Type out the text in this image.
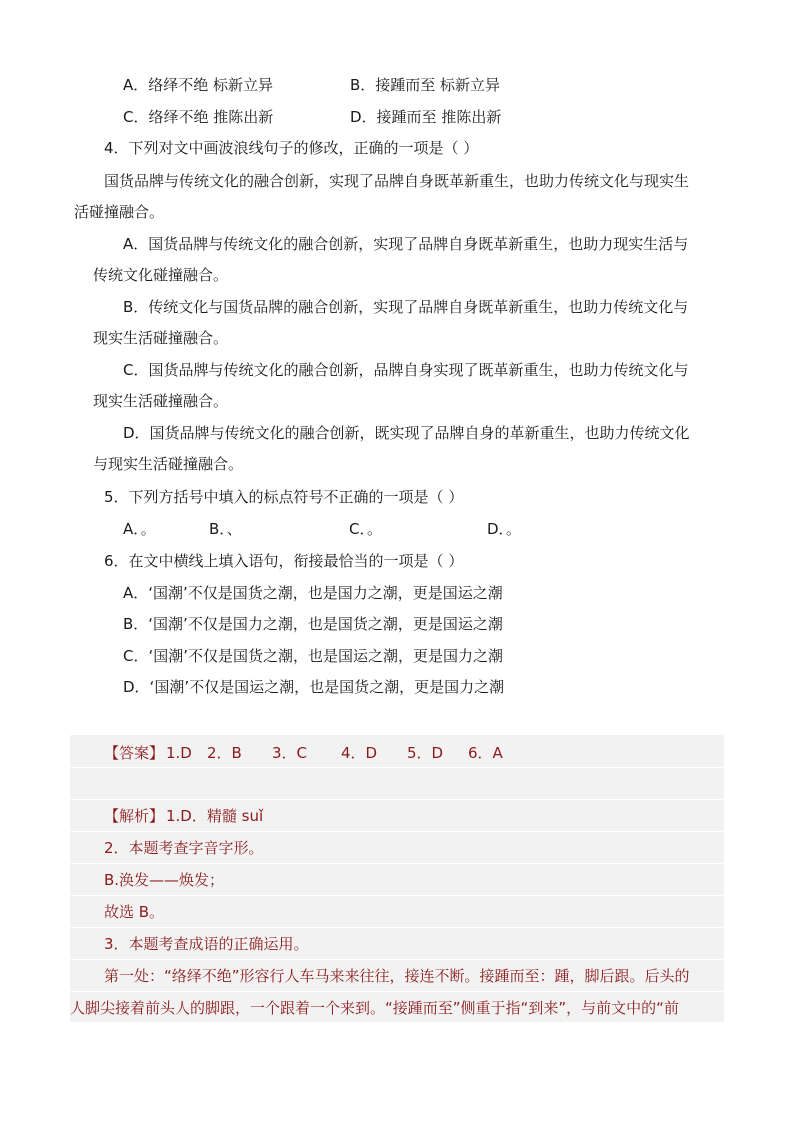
A．络绎不绝 标新立异	B．接踵而至 标新立异
C．络绎不绝 推陈出新	D．接踵而至 推陈出新
4．下列对文中画波浪线句子的修改，正确的一项是（ ）
国货品牌与传统文化的融合创新，实现了品牌自身既革新重生，也助力传统文化与现实生
活碰撞融合。
A．国货品牌与传统文化的融合创新，实现了品牌自身既革新重生，也助力现实生活与
传统文化碰撞融合。
B．传统文化与国货品牌的融合创新，实现了品牌自身既革新重生，也助力传统文化与
现实生活碰撞融合。
C．国货品牌与传统文化的融合创新，品牌自身实现了既革新重生，也助力传统文化与
现实生活碰撞融合。
D．国货品牌与传统文化的融合创新，既实现了品牌自身的革新重生，也助力传统文化
与现实生活碰撞融合。
5．下列方括号中填入的标点符号不正确的一项是（ ）
A．。	B．、	C．。	D．。
6．在文中横线上填入语句，衔接最恰当的一项是（ ）
A．‘国潮’不仅是国货之潮，也是国力之潮，更是国运之潮
B．‘国潮’不仅是国力之潮，也是国货之潮，更是国运之潮
C．‘国潮’不仅是国货之潮，也是国运之潮，更是国力之潮
D．‘国潮’不仅是国运之潮，也是国货之潮，更是国力之潮
【答案】 1.D 2．B 3．C 4．D 5．D 6．A
【解析】 1.D．精髓 suǐ
2．本题考查字音字形。
B.涣发——焕发；
故选 B。
3．本题考查成语的正确运用。
第一处：“络绎不绝”形容行人车马来来往往，接连不断。接踵而至：踵，脚后跟。后头的
人脚尖接着前头人的脚跟，一个跟着一个来到。“接踵而至”侧重于指“到来”，与前文中的“前
